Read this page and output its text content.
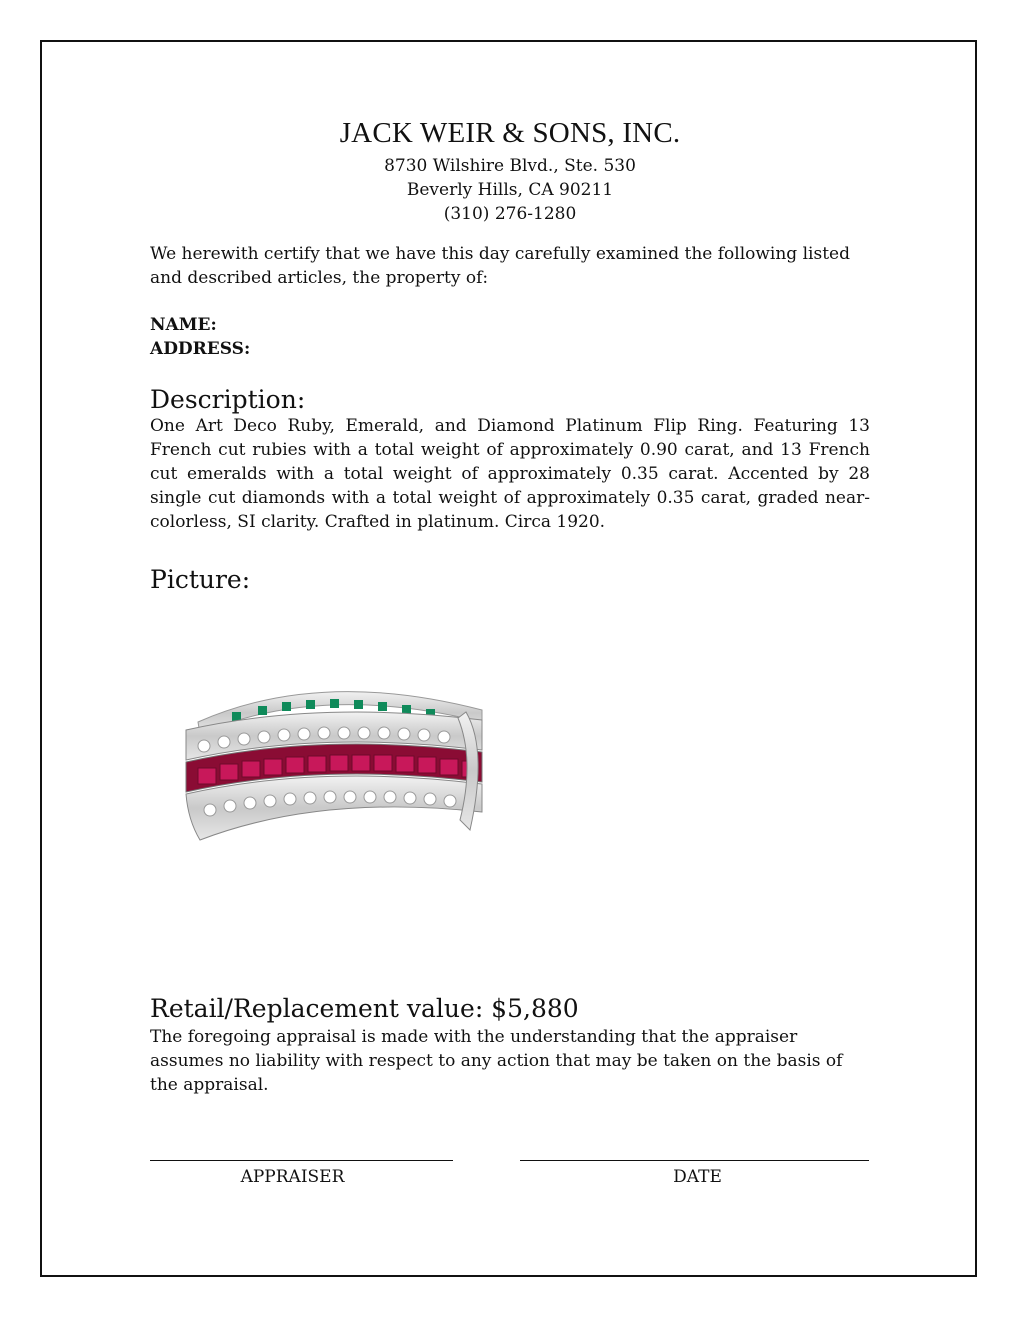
JACK WEIR & SONS, INC.
8730 Wilshire Blvd., Ste. 530
Beverly Hills, CA 90211
(310) 276-1280
We herewith certify that we have this day carefully examined the following listed and described articles, the property of:
NAME:
ADDRESS:
Description:
One Art Deco Ruby, Emerald, and Diamond Platinum Flip Ring. Featuring 13 French cut rubies with a total weight of approximately 0.90 carat, and 13 French cut emeralds with a total weight of approximately 0.35 carat. Accented by 28 single cut diamonds with a total weight of approximately 0.35 carat, graded near-colorless, SI clarity. Crafted in platinum. Circa 1920.
Picture:
Retail/Replacement value: $5,880
The foregoing appraisal is made with the understanding that the appraiser assumes no liability with respect to any action that may be taken on the basis of the appraisal.
APPRAISER	DATE
